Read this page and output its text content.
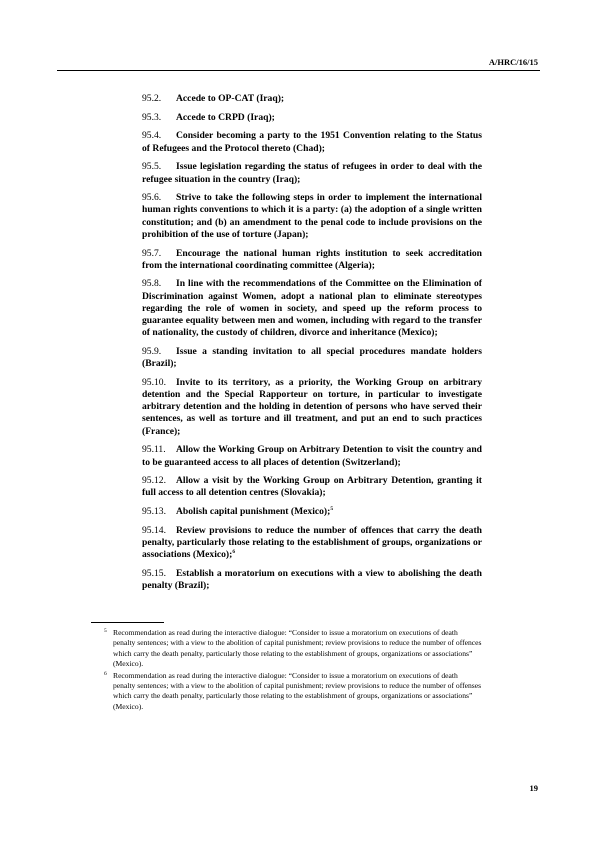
A/HRC/16/15

95.2. Accede to OP-CAT (Iraq);

95.3. Accede to CRPD (Iraq);

95.4. Consider becoming a party to the 1951 Convention relating to the Status of Refugees and the Protocol thereto (Chad);

95.5. Issue legislation regarding the status of refugees in order to deal with the refugee situation in the country (Iraq);

95.6. Strive to take the following steps in order to implement the international human rights conventions to which it is a party: (a) the adoption of a single written constitution; and (b) an amendment to the penal code to include provisions on the prohibition of the use of torture (Japan);

95.7. Encourage the national human rights institution to seek accreditation from the international coordinating committee (Algeria);

95.8. In line with the recommendations of the Committee on the Elimination of Discrimination against Women, adopt a national plan to eliminate stereotypes regarding the role of women in society, and speed up the reform process to guarantee equality between men and women, including with regard to the transfer of nationality, the custody of children, divorce and inheritance (Mexico);

95.9. Issue a standing invitation to all special procedures mandate holders (Brazil);

95.10. Invite to its territory, as a priority, the Working Group on arbitrary detention and the Special Rapporteur on torture, in particular to investigate arbitrary detention and the holding in detention of persons who have served their sentences, as well as torture and ill treatment, and put an end to such practices (France);

95.11. Allow the Working Group on Arbitrary Detention to visit the country and to be guaranteed access to all places of detention (Switzerland);

95.12. Allow a visit by the Working Group on Arbitrary Detention, granting it full access to all detention centres (Slovakia);

95.13. Abolish capital punishment (Mexico);$^5$

95.14. Review provisions to reduce the number of offences that carry the death penalty, particularly those relating to the establishment of groups, organizations or associations (Mexico);$^6$

95.15. Establish a moratorium on executions with a view to abolishing the death penalty (Brazil);

5 Recommendation as read during the interactive dialogue: “Consider to issue a moratorium on executions of death penalty sentences; with a view to the abolition of capital punishment; review provisions to reduce the number of offences which carry the death penalty, particularly those relating to the establishment of groups, organizations or associations” (Mexico).
6 Recommendation as read during the interactive dialogue: “Consider to issue a moratorium on executions of death penalty sentences; with a view to the abolition of capital punishment; review provisions to reduce the number of offenses which carry the death penalty, particularly those relating to the establishment of groups, organizations or associations” (Mexico).
19
